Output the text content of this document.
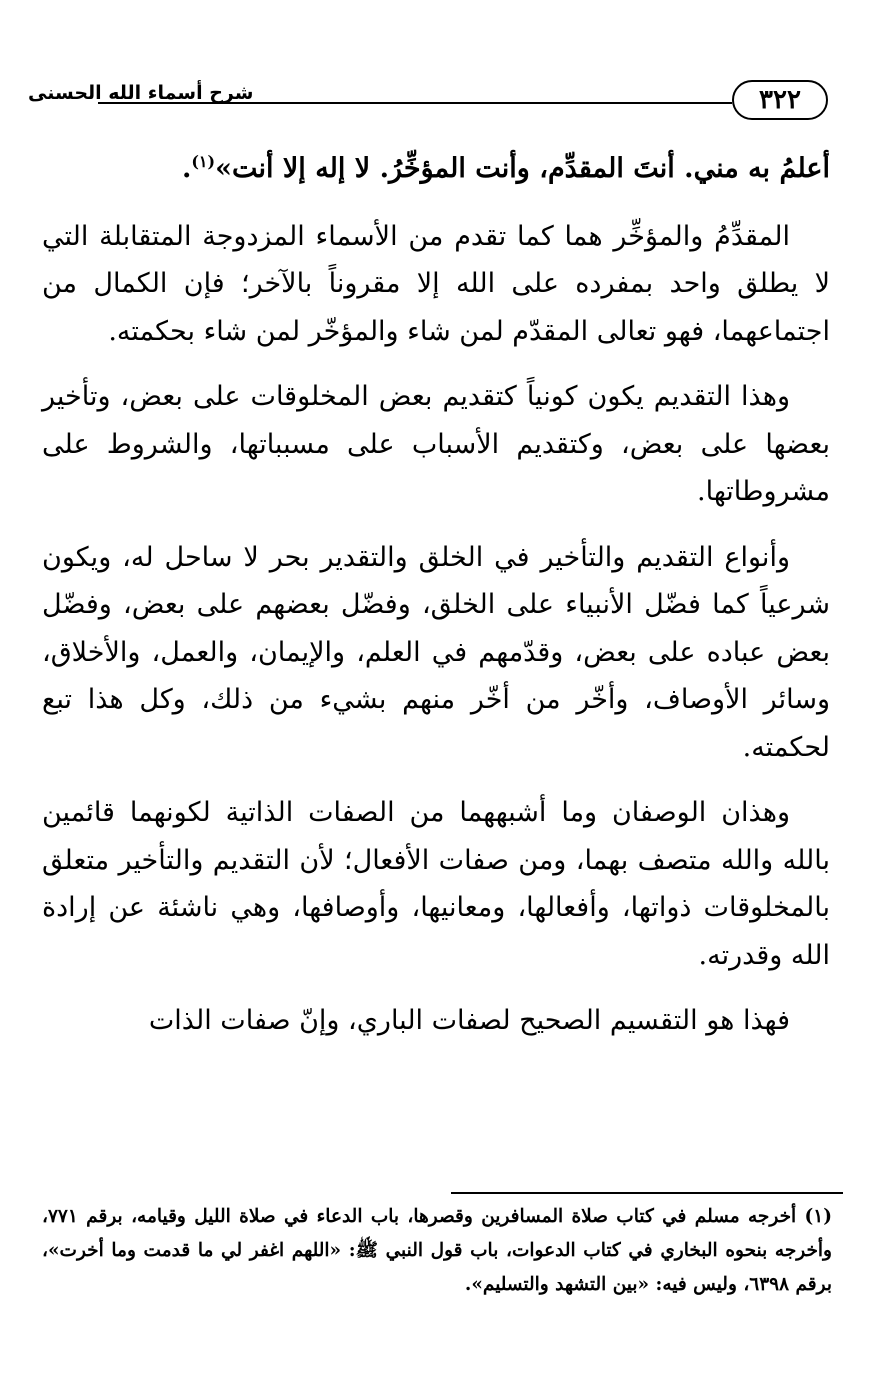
شرح أسماء الله الحسنى	٣٢٢

أعلمُ به مني. أنتَ المقدِّم، وأنت المؤخِّرُ. لا إله إلا أنت»$^{(١)}$.

المقدِّمُ والمؤخِّر هما كما تقدم من الأسماء المزدوجة المتقابلة التي لا يطلق واحد بمفرده على الله إلا مقروناً بالآخر؛ فإن الكمال من اجتماعهما، فهو تعالى المقدّم لمن شاء والمؤخّر لمن شاء بحكمته.

وهذا التقديم يكون كونياً كتقديم بعض المخلوقات على بعض، وتأخير بعضها على بعض، وكتقديم الأسباب على مسبباتها، والشروط على مشروطاتها.

وأنواع التقديم والتأخير في الخلق والتقدير بحر لا ساحل له، ويكون شرعياً كما فضّل الأنبياء على الخلق، وفضّل بعضهم على بعض، وفضّل بعض عباده على بعض، وقدّمهم في العلم، والإيمان، والعمل، والأخلاق، وسائر الأوصاف، وأخّر من أخّر منهم بشيء من ذلك، وكل هذا تبع لحكمته.

وهذان الوصفان وما أشبههما من الصفات الذاتية لكونهما قائمين بالله والله متصف بهما، ومن صفات الأفعال؛ لأن التقديم والتأخير متعلق بالمخلوقات ذواتها، وأفعالها، ومعانيها، وأوصافها، وهي ناشئة عن إرادة الله وقدرته.

فهذا هو التقسيم الصحيح لصفات الباري، وإنّ صفات الذات

(١) أخرجه مسلم في كتاب صلاة المسافرين وقصرها، باب الدعاء في صلاة الليل وقيامه، برقم ٧٧١، وأخرجه بنحوه البخاري في كتاب الدعوات، باب قول النبي ﷺ: «اللهم اغفر لي ما قدمت وما أخرت»، برقم ٦٣٩٨، وليس فيه: «بين التشهد والتسليم».
